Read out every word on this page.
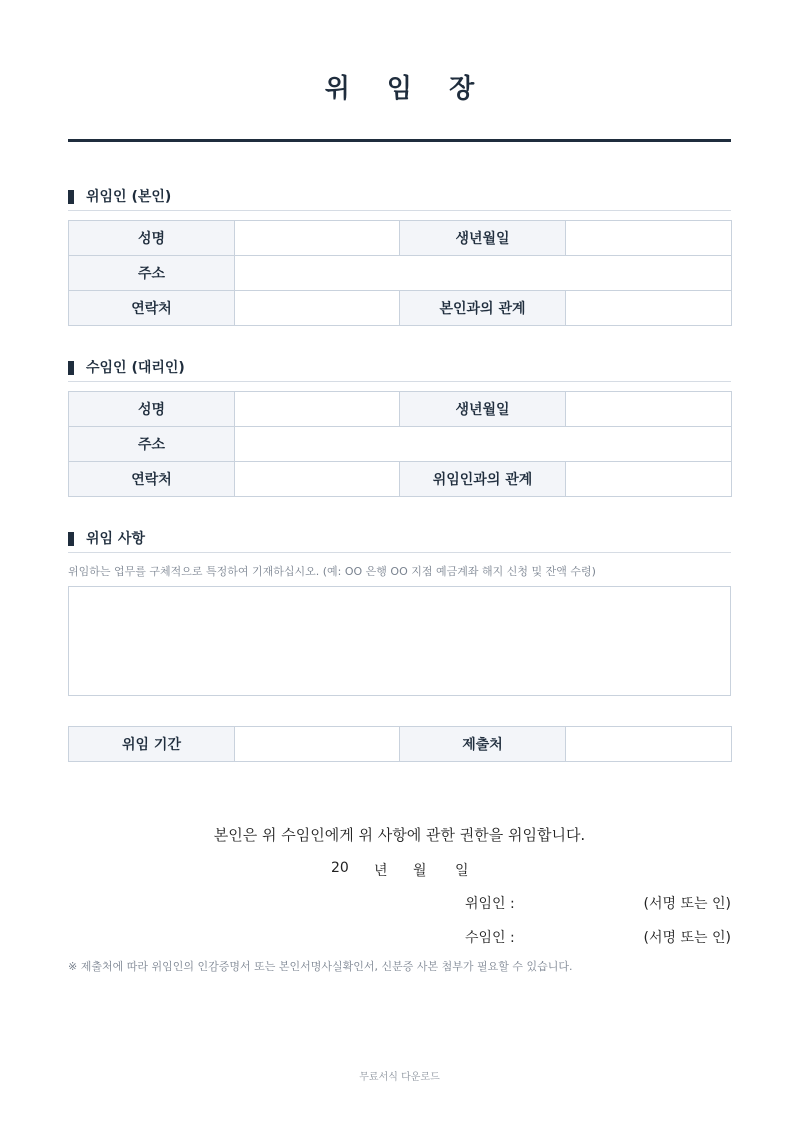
위 임 장
위임인 (본인)
성명		생년월일	
주소			
연락처		본인과의 관계	
수임인 (대리인)
성명		생년월일	
주소			
연락처		위임인과의 관계	
위임 사항
위임하는 업무를 구체적으로 특정하여 기재하십시오. (예: OO 은행 OO 지점 예금계좌 해지 신청 및 잔액 수령)
위임 기간		제출처	
본인은 위 수임인에게 위 사항에 관한 권한을 위임합니다.
20 년 월 일
위임인 :	(서명 또는 인)
수임인 :	(서명 또는 인)
※ 제출처에 따라 위임인의 인감증명서 또는 본인서명사실확인서, 신분증 사본 첨부가 필요할 수 있습니다.
무료서식 다운로드
